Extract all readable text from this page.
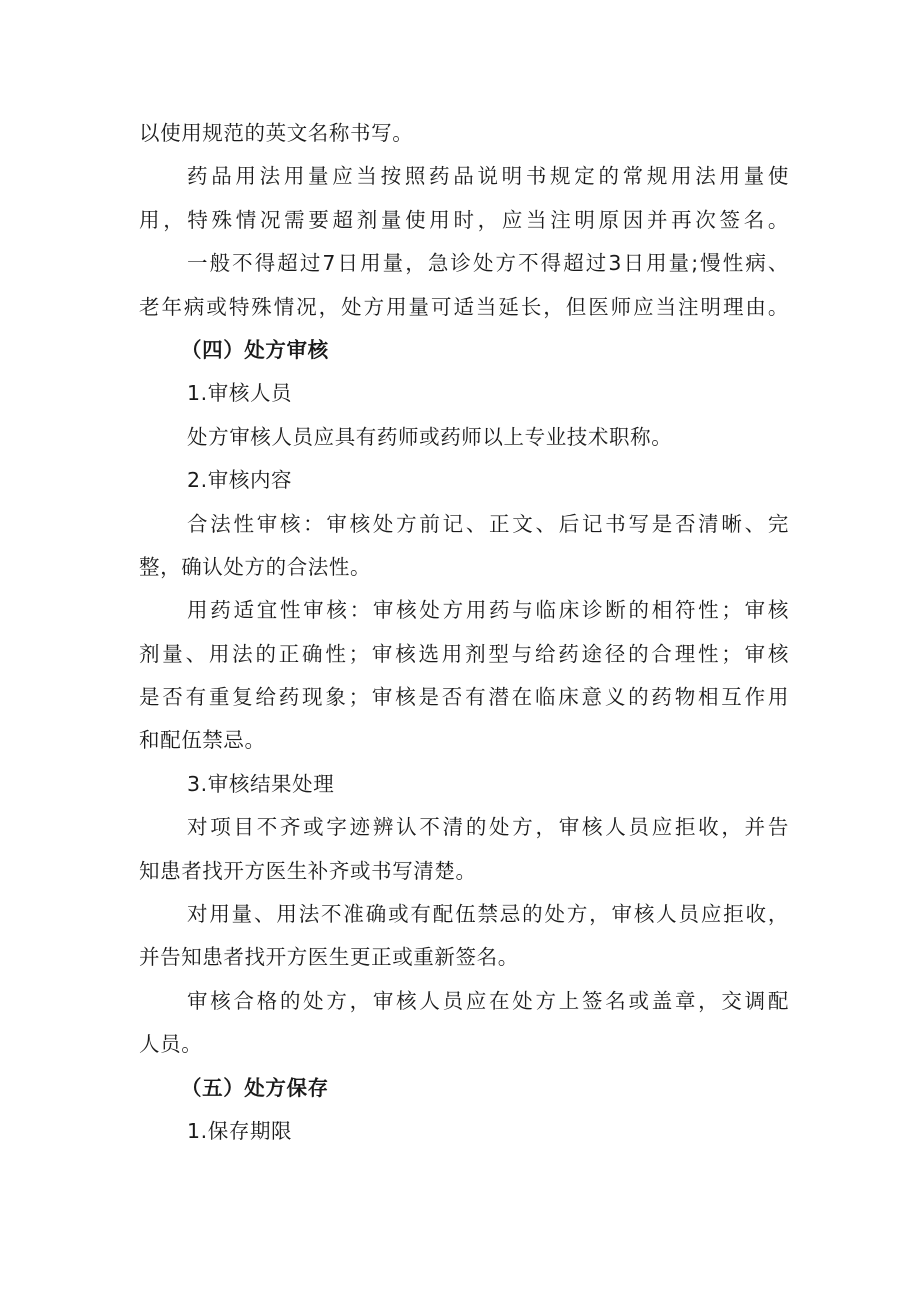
以使用规范的英文名称书写。
药品用法用量应当按照药品说明书规定的常规用法用量使
用，特殊情况需要超剂量使用时，应当注明原因并再次签名。
一般不得超过7日用量，急诊处方不得超过3日用量;慢性病、
老年病或特殊情况，处方用量可适当延长，但医师应当注明理由。
（四）处方审核
1.审核人员
处方审核人员应具有药师或药师以上专业技术职称。
2.审核内容
合法性审核：审核处方前记、正文、后记书写是否清晰、完
整，确认处方的合法性。
用药适宜性审核：审核处方用药与临床诊断的相符性；审核
剂量、用法的正确性；审核选用剂型与给药途径的合理性；审核
是否有重复给药现象；审核是否有潜在临床意义的药物相互作用
和配伍禁忌。
3.审核结果处理
对项目不齐或字迹辨认不清的处方，审核人员应拒收，并告
知患者找开方医生补齐或书写清楚。
对用量、用法不准确或有配伍禁忌的处方，审核人员应拒收，
并告知患者找开方医生更正或重新签名。
审核合格的处方，审核人员应在处方上签名或盖章，交调配
人员。
（五）处方保存
1.保存期限
